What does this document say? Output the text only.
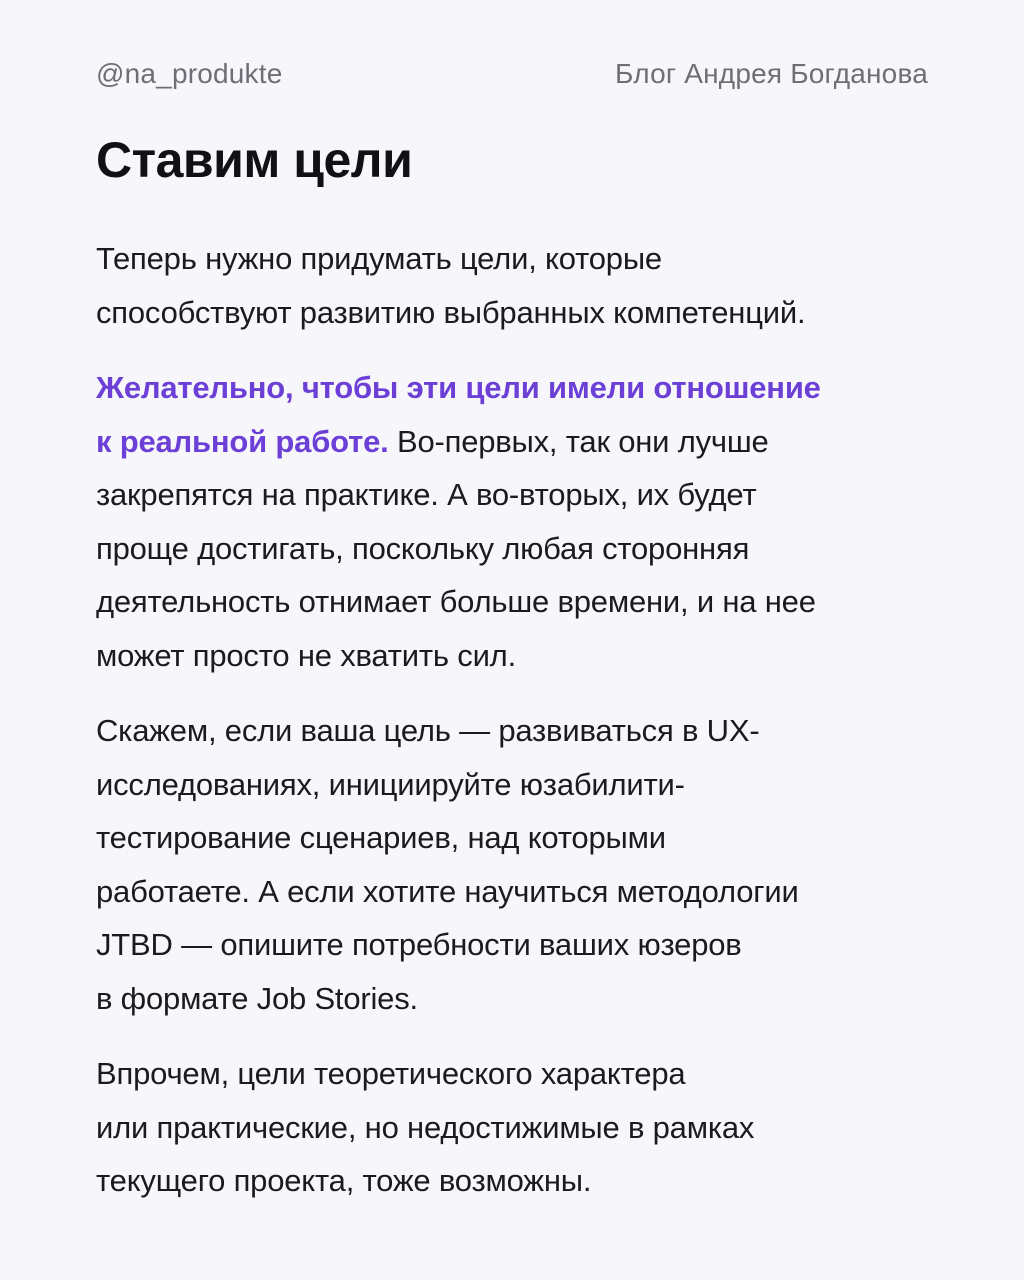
@na_produkte	Блог Андрея Богданова
Ставим цели

Теперь нужно придумать цели, которые
способствуют развитию выбранных компетенций.

Желательно, чтобы эти цели имели отношение
к реальной работе. Во-первых, так они лучше
закрепятся на практике. А во-вторых, их будет
проще достигать, поскольку любая сторонняя
деятельность отнимает больше времени, и на нее
может просто не хватить сил.

Скажем, если ваша цель — развиваться в UX-
исследованиях, инициируйте юзабилити-
тестирование сценариев, над которыми
работаете. А если хотите научиться методологии
JTBD — опишите потребности ваших юзеров
в формате Job Stories.

Впрочем, цели теоретического характера
или практические, но недостижимые в рамках
текущего проекта, тоже возможны.
